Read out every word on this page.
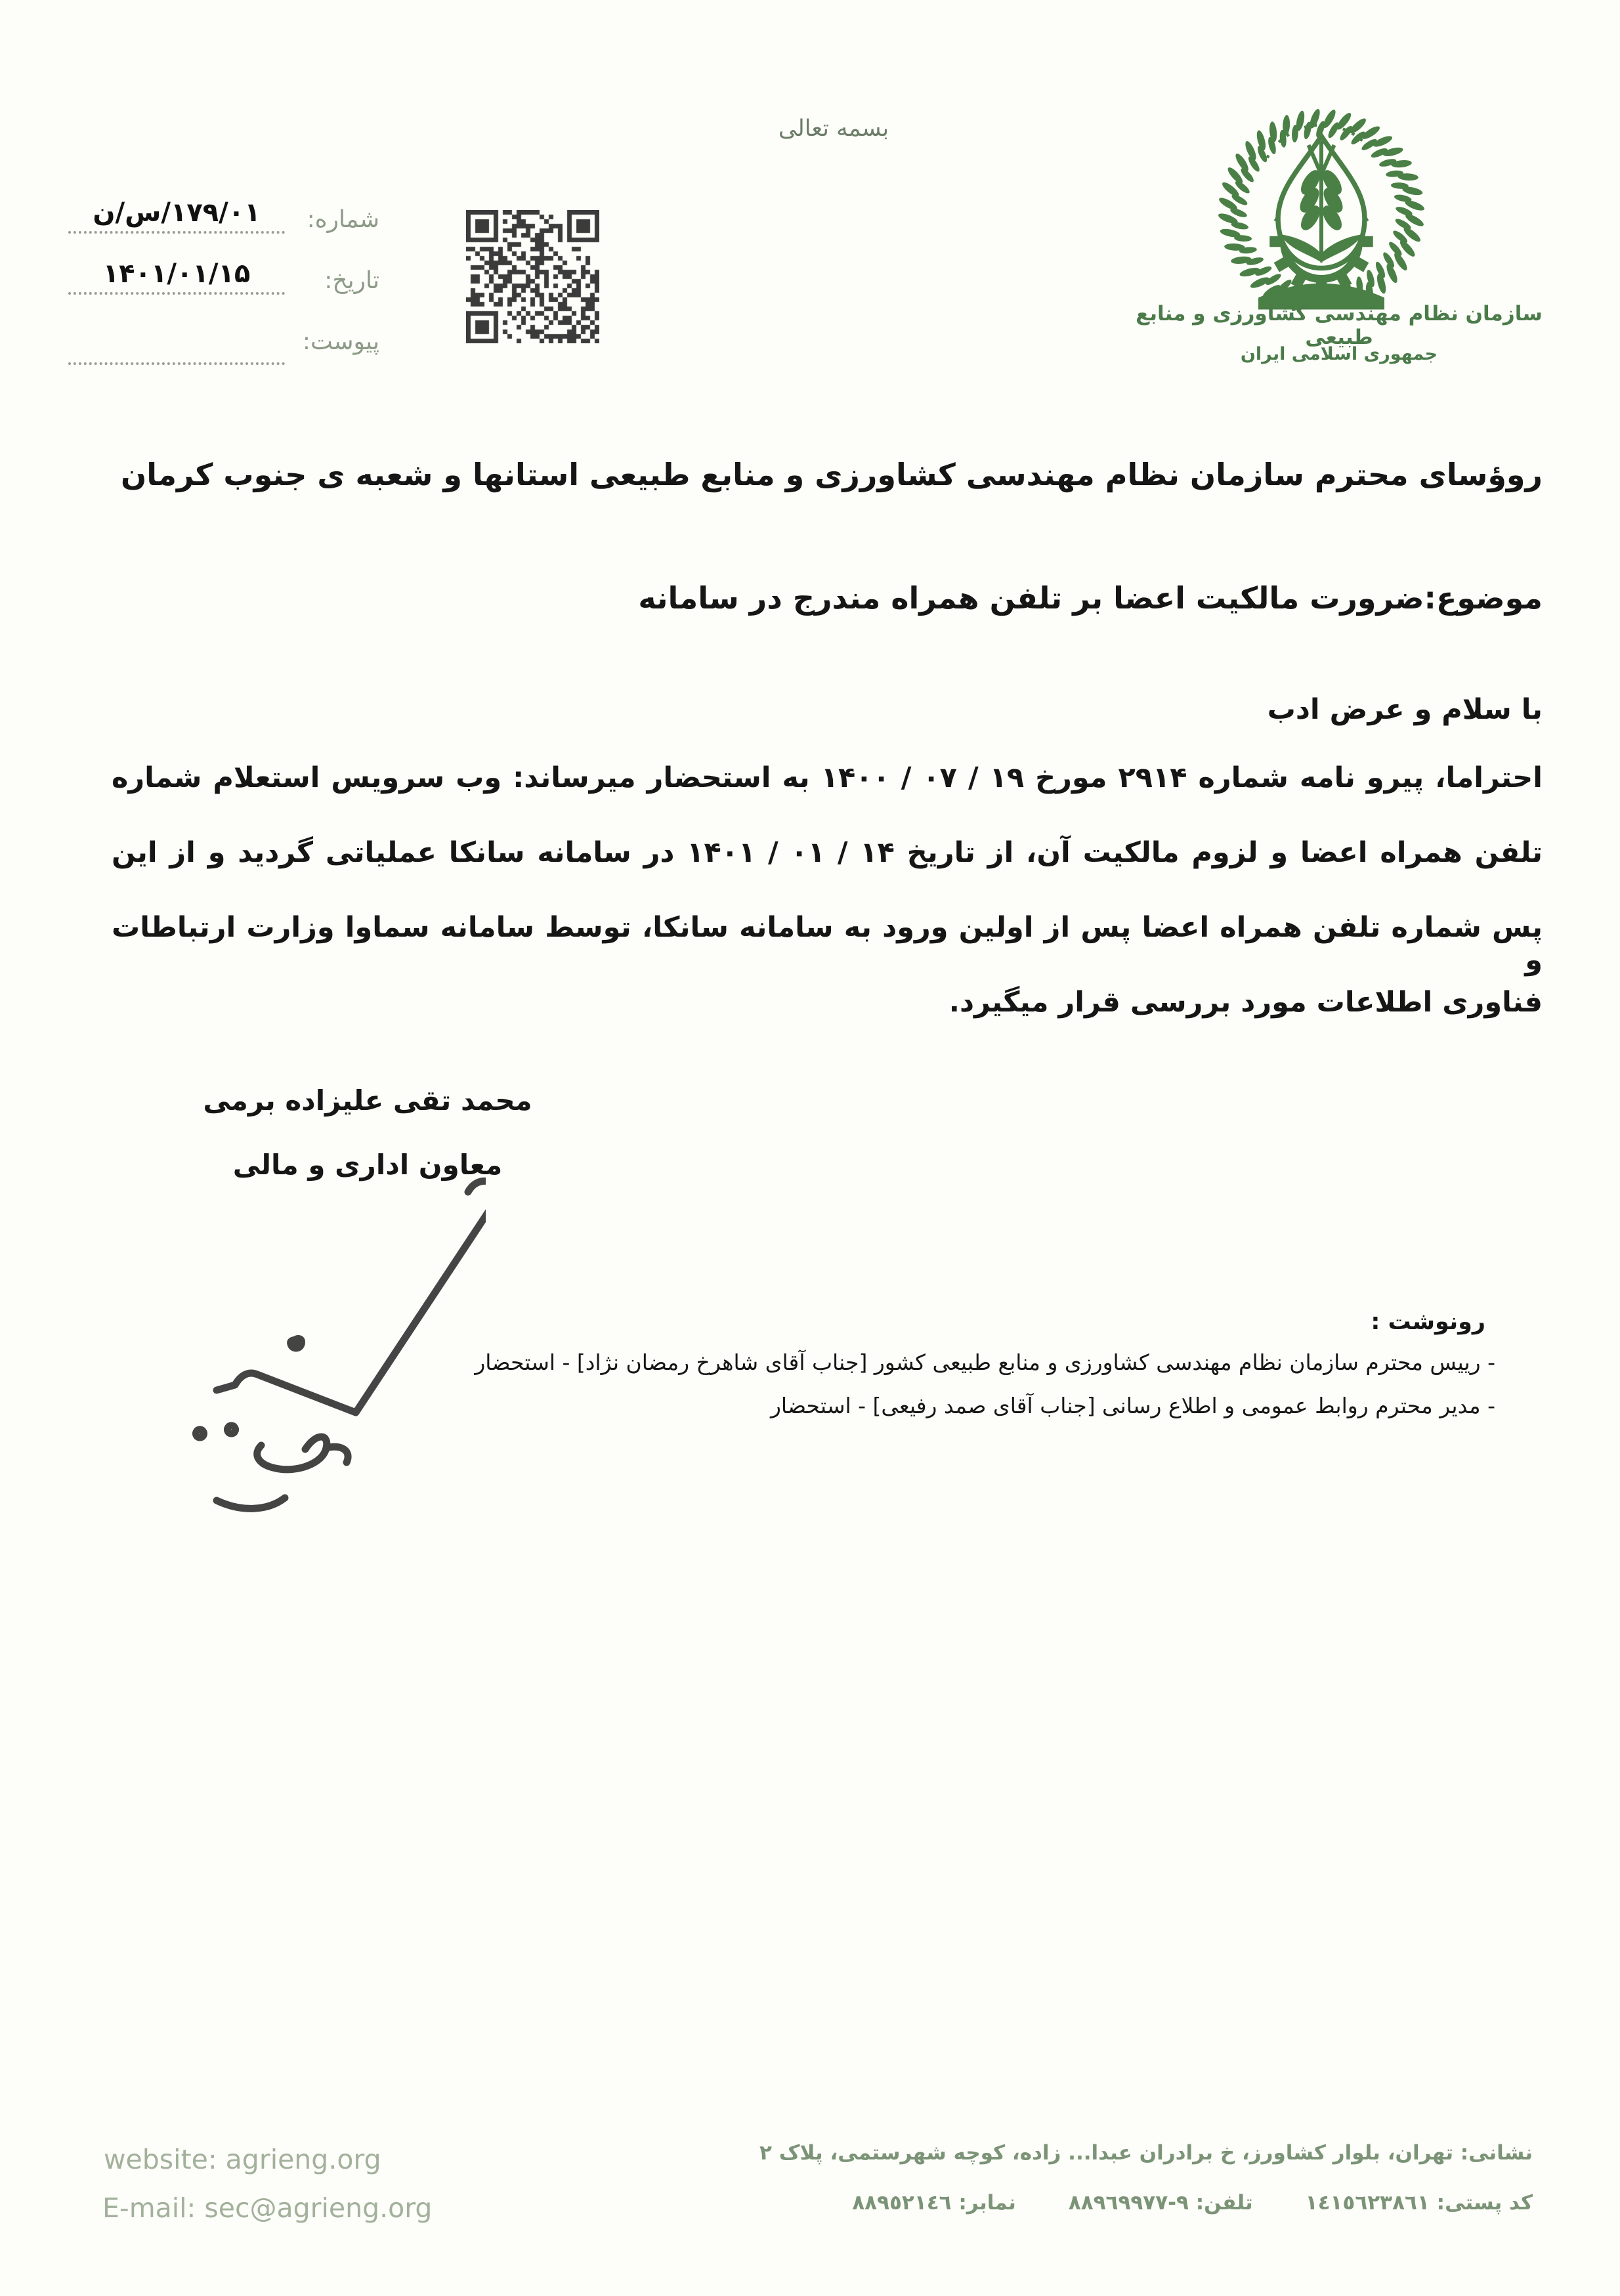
بسمه تعالی
شماره:
۱۷۹/۰۱/س/ن
تاریخ:
۱۴۰۱/۰۱/۱۵
پیوست:
سازمان نظام مهندسی کشاورزی و منابع طبیعی
جمهوری اسلامی ایران
روؤسای محترم سازمان نظام مهندسی کشاورزی و منابع طبیعی استانها و شعبه ی جنوب کرمان
موضوع:ضرورت مالکیت اعضا بر تلفن همراه مندرج در سامانه
با سلام و عرض ادب
احتراما، پیرو نامه شماره ۲۹۱۴ مورخ ۱۹ / ۰۷ / ۱۴۰۰ به استحضار میرساند: وب سرویس استعلام شماره
تلفن همراه اعضا و لزوم مالکیت آن، از تاریخ ۱۴ / ۰۱ / ۱۴۰۱ در سامانه سانکا عملیاتی گردید و از این
پس شماره تلفن همراه اعضا پس از اولین ورود به سامانه سانکا، توسط سامانه سماوا وزارت ارتباطات و
فناوری اطلاعات مورد بررسی قرار میگیرد.
محمد تقی علیزاده برمی
معاون اداری و مالی
رونوشت :
- رییس محترم سازمان نظام مهندسی کشاورزی و منابع طبیعی کشور [جناب آقای شاهرخ رمضان نژاد] - استحضار
- مدیر محترم روابط عمومی و اطلاع رسانی [جناب آقای صمد رفیعی] - استحضار
website: agrieng.org
E-mail: sec@agrieng.org
نشانی: تهران، بلوار کشاورز، خ برادران عبدا... زاده، کوچه شهرستمی، پلاک ۲
کد پستی: ١٤١٥٦٢٣٨٦١
تلفن: ٩-٨٨٩٦٩٩٧٧
نمابر: ٨٨٩٥٢١٤٦
